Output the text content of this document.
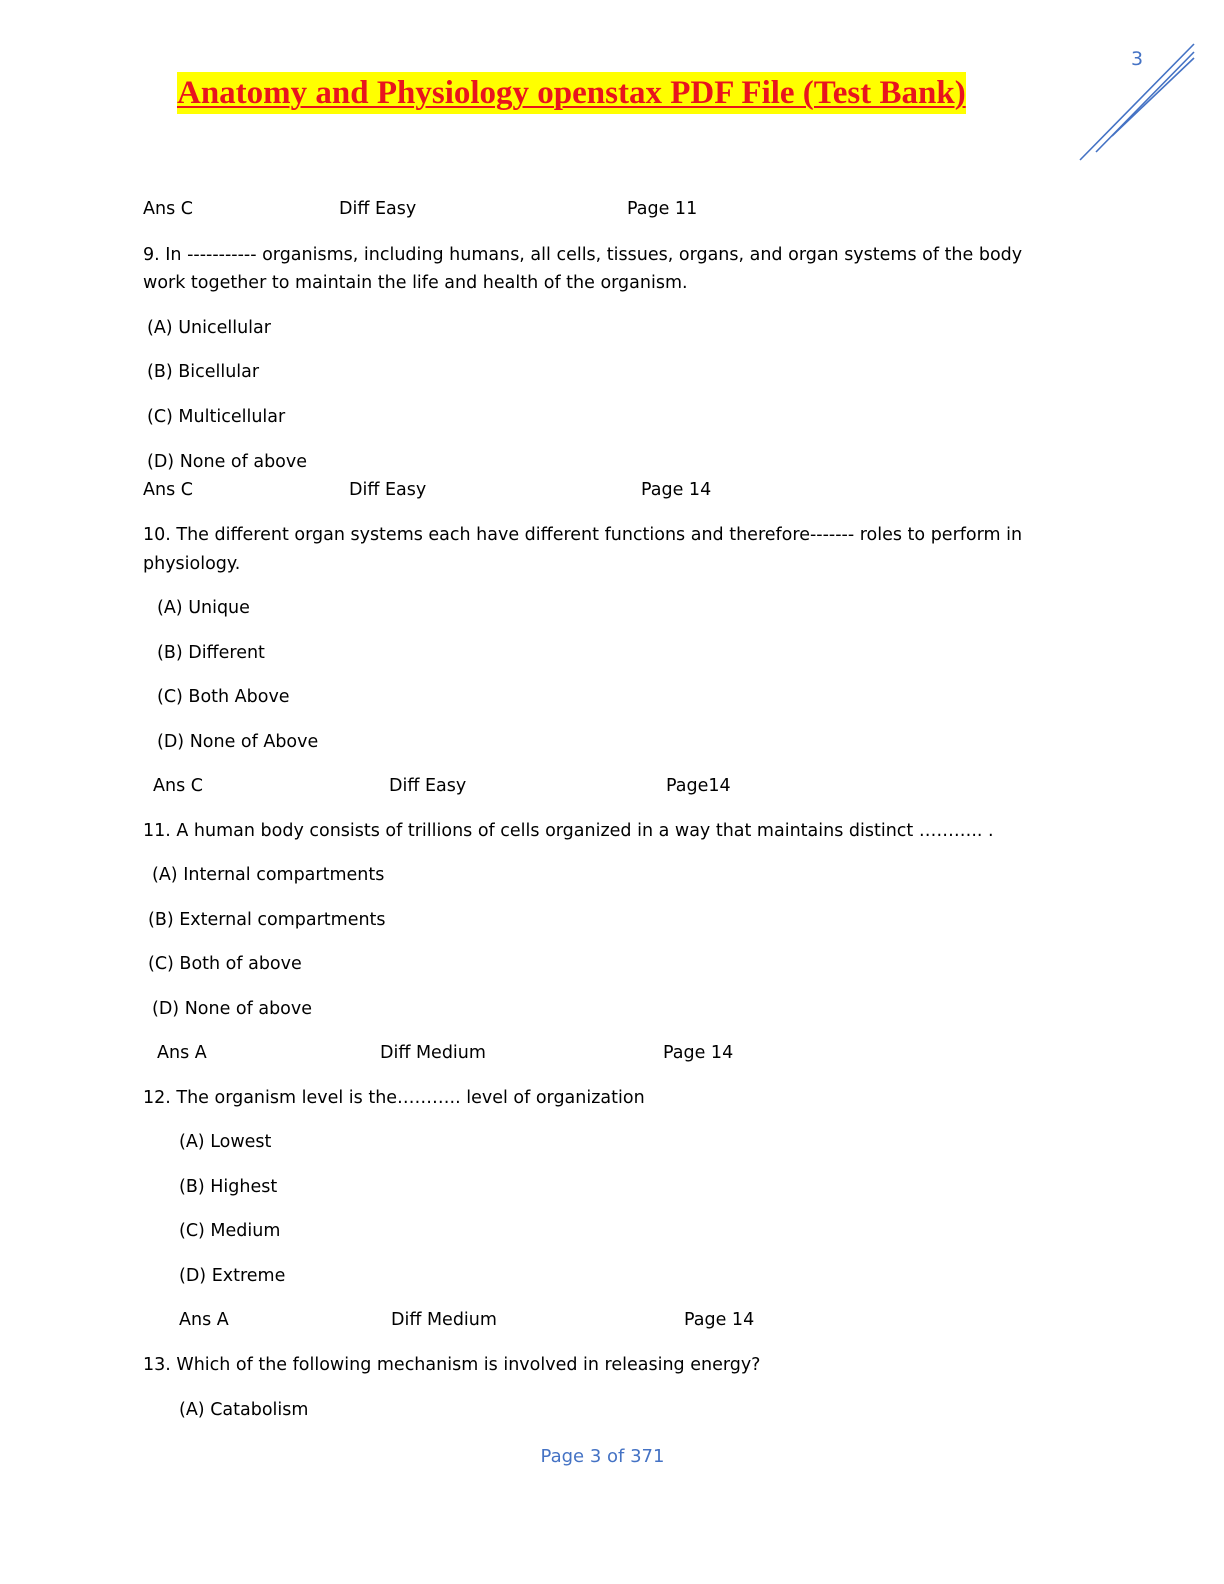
3
Anatomy and Physiology openstax PDF File (Test Bank)
Ans C	Diff Easy	Page 11
9. In ----------- organisms, including humans, all cells, tissues, organs, and organ systems of the body
work together to maintain the life and health of the organism.
(A) Unicellular
(B) Bicellular
(C) Multicellular
(D) None of above
Ans C	Diff Easy	Page 14
10. The different organ systems each have different functions and therefore------- roles to perform in
physiology.
(A) Unique
(B) Different
(C) Both Above
(D) None of Above
Ans C	Diff Easy	Page14
11. A human body consists of trillions of cells organized in a way that maintains distinct ……….. .
(A) Internal compartments
(B) External compartments
(C) Both of above
(D) None of above
Ans A	Diff Medium	Page 14
12. The organism level is the……….. level of organization
(A) Lowest
(B) Highest
(C) Medium
(D) Extreme
Ans A	Diff Medium	Page 14
13. Which of the following mechanism is involved in releasing energy?
(A) Catabolism
Page 3 of 371
